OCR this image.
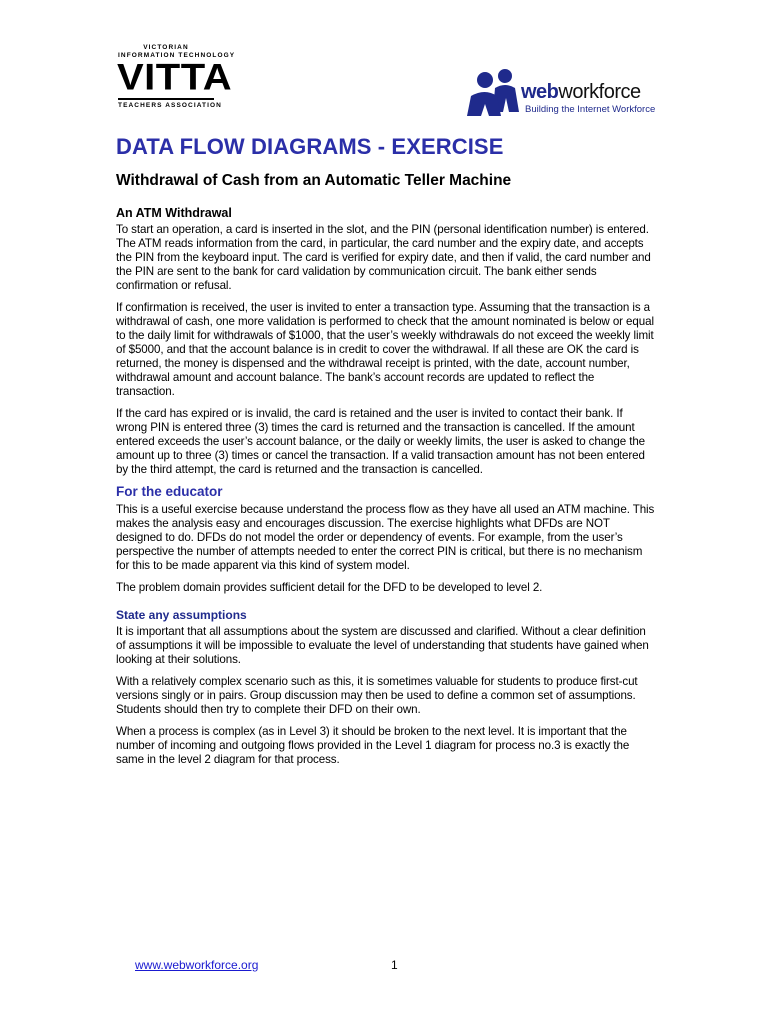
VICTORIAN
INFORMATION TECHNOLOGY
VITTA
TEACHERS ASSOCIATION
webworkforce
Building the Internet Workforce
DATA FLOW DIAGRAMS - EXERCISE
Withdrawal of Cash from an Automatic Teller Machine
An ATM Withdrawal

To start an operation, a card is inserted in the slot, and the PIN (personal identification number) is entered. The ATM reads information from the card, in particular, the card number and the expiry date, and accepts the PIN from the keyboard input. The card is verified for expiry date, and then if valid, the card number and the PIN are sent to the bank for card validation by communication circuit. The bank either sends confirmation or refusal.

If confirmation is received, the user is invited to enter a transaction type. Assuming that the transaction is a withdrawal of cash, one more validation is performed to check that the amount nominated is below or equal to the daily limit for withdrawals of $1000, that the user’s weekly withdrawals do not exceed the weekly limit of $5000, and that the account balance is in credit to cover the withdrawal. If all these are OK the card is returned, the money is dispensed and the withdrawal receipt is printed, with the date, account number, withdrawal amount and account balance. The bank’s account records are updated to reflect the transaction.

If the card has expired or is invalid, the card is retained and the user is invited to contact their bank. If wrong PIN is entered three (3) times the card is returned and the transaction is cancelled. If the amount entered exceeds the user’s account balance, or the daily or weekly limits, the user is asked to change the amount up to three (3) times or cancel the transaction. If a valid transaction amount has not been entered by the third attempt, the card is returned and the transaction is cancelled.

For the educator

This is a useful exercise because understand the process flow as they have all used an ATM machine. This makes the analysis easy and encourages discussion. The exercise highlights what DFDs are NOT designed to do. DFDs do not model the order or dependency of events. For example, from the user’s perspective the number of attempts needed to enter the correct PIN is critical, but there is no mechanism for this to be made apparent via this kind of system model.

The problem domain provides sufficient detail for the DFD to be developed to level 2.

State any assumptions

It is important that all assumptions about the system are discussed and clarified. Without a clear definition of assumptions it will be impossible to evaluate the level of understanding that students have gained when looking at their solutions.

With a relatively complex scenario such as this, it is sometimes valuable for students to produce first-cut versions singly or in pairs. Group discussion may then be used to define a common set of assumptions. Students should then try to complete their DFD on their own.

When a process is complex (as in Level 3) it should be broken to the next level. It is important that the number of incoming and outgoing flows provided in the Level 1 diagram for process no.3 is exactly the same in the level 2 diagram for that process.

www.webworkforce.org	1
